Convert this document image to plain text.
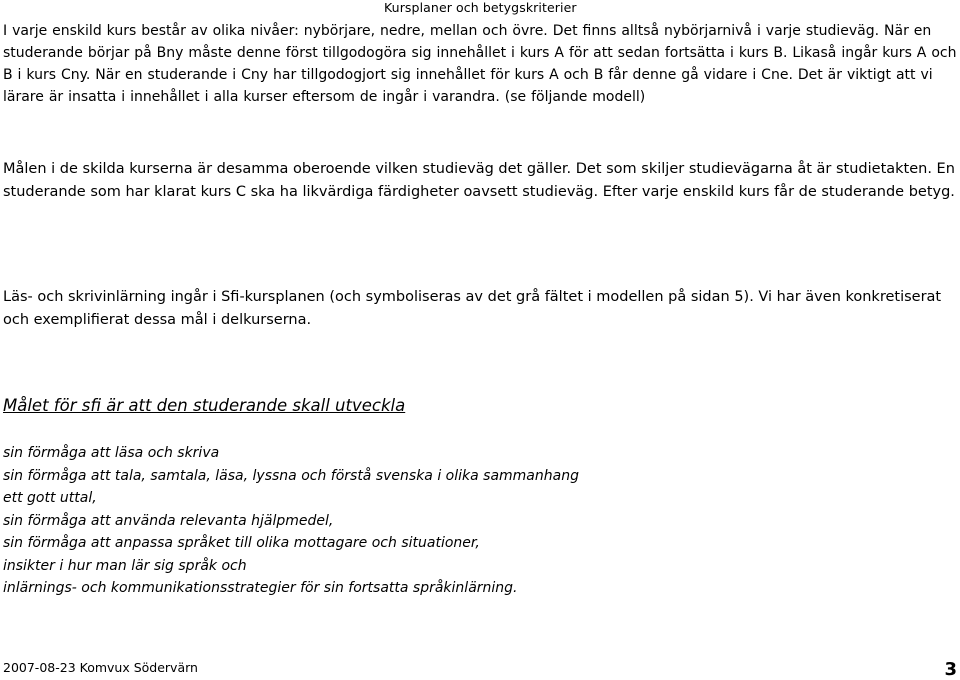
Kursplaner och betygskriterier

I varje enskild kurs består av olika nivåer: nybörjare, nedre, mellan och övre. Det finns alltså nybörjarnivå i varje studieväg. När en studerande börjar på Bny måste denne först tillgodogöra sig innehållet i kurs A för att sedan fortsätta i kurs B. Likaså ingår kurs A och B i kurs Cny. När en studerande i Cny har tillgodogjort sig innehållet för kurs A och B får denne gå vidare i Cne. Det är viktigt att vi lärare är insatta i innehållet i alla kurser eftersom de ingår i varandra. (se följande modell)

Målen i de skilda kurserna är desamma oberoende vilken studieväg det gäller. Det som skiljer studievägarna åt är studietakten. En studerande som har klarat kurs C ska ha likvärdiga färdigheter oavsett studieväg. Efter varje enskild kurs får de studerande betyg.

Läs- och skrivinlärning ingår i Sfi-kursplanen (och symboliseras av det grå fältet i modellen på sidan 5). Vi har även konkretiserat och exemplifierat dessa mål i delkurserna.

Målet för sfi är att den studerande skall utveckla
sin förmåga att läsa och skriva
sin förmåga att tala, samtala, läsa, lyssna och förstå svenska i olika sammanhang
ett gott uttal,
sin förmåga att använda relevanta hjälpmedel,
sin förmåga att anpassa språket till olika mottagare och situationer,
insikter i hur man lär sig språk och
inlärnings- och kommunikationsstrategier för sin fortsatta språkinlärning.
2007-08-23 Komvux Södervärn	3
